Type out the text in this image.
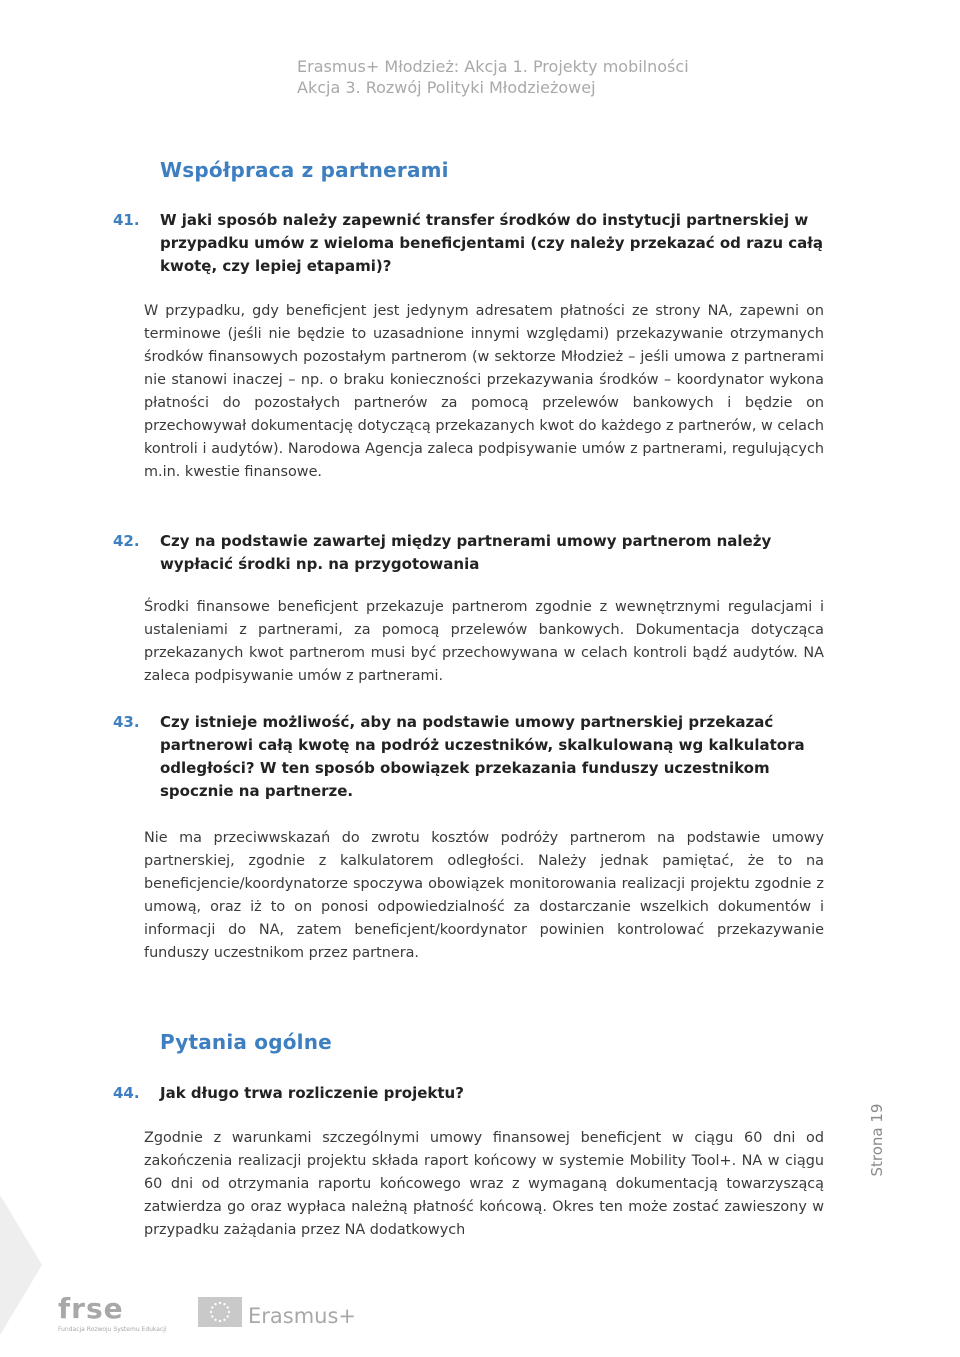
Erasmus+ Młodzież: Akcja 1. Projekty mobilności
Akcja 3. Rozwój Polityki Młodzieżowej
Współpraca z partnerami
41. W jaki sposób należy zapewnić transfer środków do instytucji partnerskiej w przypadku umów z wieloma beneficjentami (czy należy przekazać od razu całą kwotę, czy lepiej etapami)?

W przypadku, gdy beneficjent jest jedynym adresatem płatności ze strony NA, zapewni on terminowe (jeśli nie będzie to uzasadnione innymi względami) przekazywanie otrzymanych środków finansowych pozostałym partnerom (w sektorze Młodzież – jeśli umowa z partnerami nie stanowi inaczej – np. o braku konieczności przekazywania środków – koordynator wykona płatności do pozostałych partnerów za pomocą przelewów bankowych i będzie on przechowywał dokumentację dotyczącą przekazanych kwot do każdego z partnerów, w celach kontroli i audytów). Narodowa Agencja zaleca podpisywanie umów z partnerami, regulujących m.in. kwestie finansowe.

42. Czy na podstawie zawartej między partnerami umowy partnerom należy wypłacić środki np. na przygotowania

Środki finansowe beneficjent przekazuje partnerom zgodnie z wewnętrznymi regulacjami i ustaleniami z partnerami, za pomocą przelewów bankowych. Dokumentacja dotycząca przekazanych kwot partnerom musi być przechowywana w celach kontroli bądź audytów. NA zaleca podpisywanie umów z partnerami.

43. Czy istnieje możliwość, aby na podstawie umowy partnerskiej przekazać partnerowi całą kwotę na podróż uczestników, skalkulowaną wg kalkulatora odległości? W ten sposób obowiązek przekazania funduszy uczestnikom spocznie na partnerze.

Nie ma przeciwwskazań do zwrotu kosztów podróży partnerom na podstawie umowy partnerskiej, zgodnie z kalkulatorem odległości. Należy jednak pamiętać, że to na beneficjencie/koordynatorze spoczywa obowiązek monitorowania realizacji projektu zgodnie z umową, oraz iż to on ponosi odpowiedzialność za dostarczanie wszelkich dokumentów i informacji do NA, zatem beneficjent/koordynator powinien kontrolować przekazywanie funduszy uczestnikom przez partnera.

Pytania ogólne
44. Jak długo trwa rozliczenie projektu?

Zgodnie z warunkami szczególnymi umowy finansowej beneficjent w ciągu 60 dni od zakończenia realizacji projektu składa raport końcowy w systemie Mobility Tool+. NA w ciągu 60 dni od otrzymania raportu końcowego wraz z wymaganą dokumentacją towarzyszącą zatwierdza go oraz wypłaca należną płatność końcową. Okres ten może zostać zawieszony w przypadku zażądania przez NA dodatkowych

Strona 19
frse
Fundacja Rozwoju Systemu Edukacji
Erasmus+
